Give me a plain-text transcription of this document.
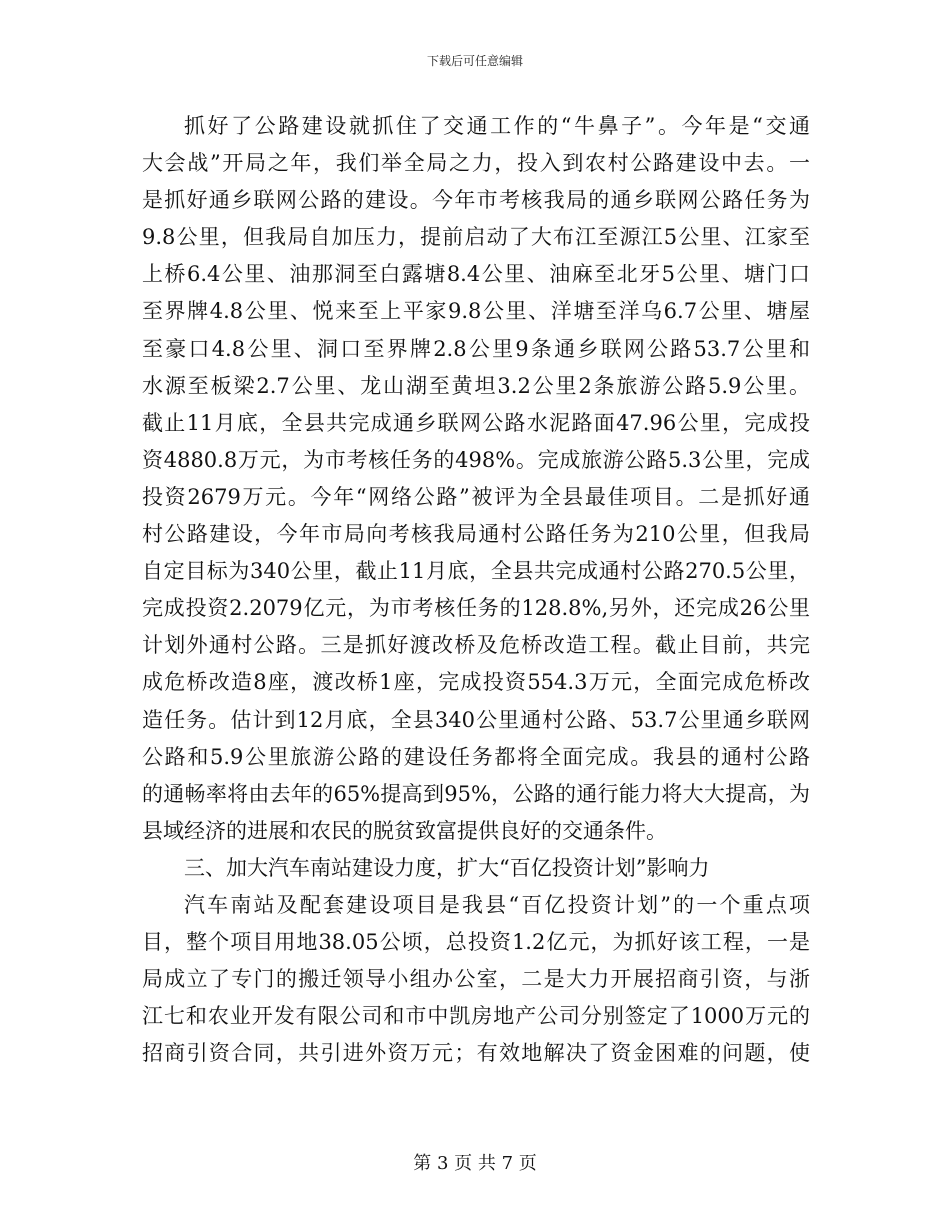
下载后可任意编辑
抓好了公路建设就抓住了交通工作的“牛鼻子”。今年是“交通
大会战”开局之年，我们举全局之力，投入到农村公路建设中去。一
是抓好通乡联网公路的建设。今年市考核我局的通乡联网公路任务为
9.8公里，但我局自加压力，提前启动了大布江至源江5公里、江家至
上桥6.4公里、油那洞至白露塘8.4公里、油麻至北牙5公里、塘门口
至界牌4.8公里、悦来至上平家9.8公里、洋塘至洋乌6.7公里、塘屋
至豪口4.8公里、洞口至界牌2.8公里9条通乡联网公路53.7公里和
水源至板梁2.7公里、龙山湖至黄坦3.2公里2条旅游公路5.9公里。
截止11月底，全县共完成通乡联网公路水泥路面47.96公里，完成投
资4880.8万元，为市考核任务的498%。完成旅游公路5.3公里，完成
投资2679万元。今年“网络公路”被评为全县最佳项目。二是抓好通
村公路建设，今年市局向考核我局通村公路任务为210公里，但我局
自定目标为340公里，截止11月底，全县共完成通村公路270.5公里，
完成投资2.2079亿元，为市考核任务的128.8%,另外，还完成26公里
计划外通村公路。三是抓好渡改桥及危桥改造工程。截止目前，共完
成危桥改造8座，渡改桥1座，完成投资554.3万元，全面完成危桥改
造任务。估计到12月底，全县340公里通村公路、53.7公里通乡联网
公路和5.9公里旅游公路的建设任务都将全面完成。我县的通村公路
的通畅率将由去年的65%提高到95%，公路的通行能力将大大提高，为
县域经济的进展和农民的脱贫致富提供良好的交通条件。
三、加大汽车南站建设力度，扩大“百亿投资计划”影响力
汽车南站及配套建设项目是我县“百亿投资计划”的一个重点项
目，整个项目用地38.05公顷，总投资1.2亿元，为抓好该工程，一是
局成立了专门的搬迁领导小组办公室，二是大力开展招商引资，与浙
江七和农业开发有限公司和市中凯房地产公司分别签定了1000万元的
招商引资合同，共引进外资万元；有效地解决了资金困难的问题，使
第 3 页 共 7 页
